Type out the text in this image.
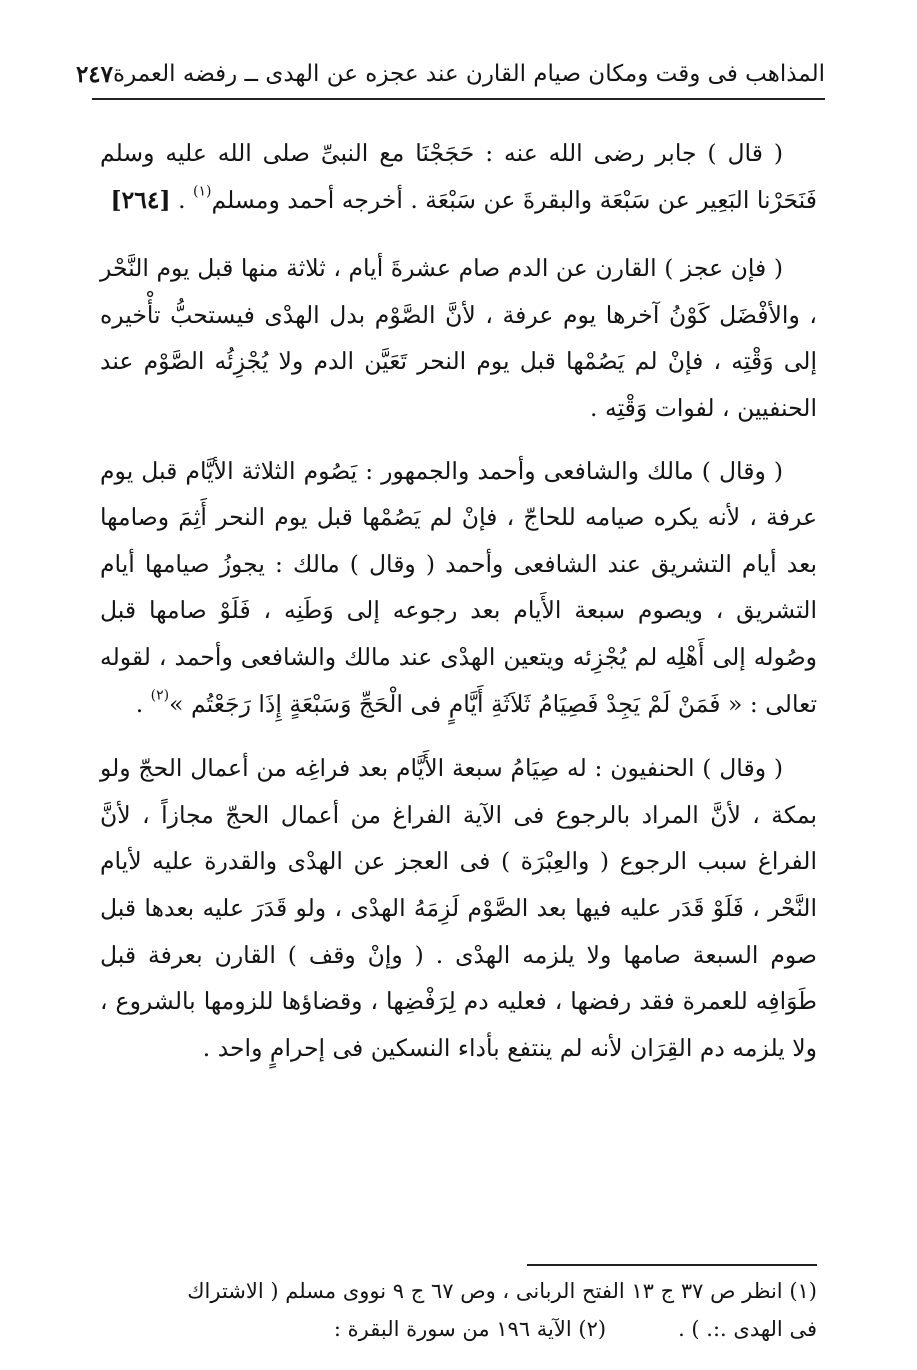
المذاهب فى وقت ومكان صيام القارن عند عجزه عن الهدى ــ رفضه العمرة
٢٤٧

( قال ) جابر رضى الله عنه : حَجَجْنَا مع النبىِّ صلى الله عليه وسلم فَنَحَرْنا البَعِير عن سَبْعَة والبقرةَ عن سَبْعَة . أخرجه أحمد ومسلم$^{(١)}$ . [٢٦٤]

( فإن عجز ) القارن عن الدم صام عشرةَ أيام ، ثلاثة منها قبل يوم النَّحْر ، والأفْضَل كَوْنُ آخرها يوم عرفة ، لأنَّ الصَّوْم بدل الهدْى فيستحبُّ تأْخيره إلى وَقْتِه ، فإنْ لم يَصُمْها قبل يوم النحر تَعَيَّن الدم ولا يُجْزِئُه الصَّوْم عند الحنفيين ، لفوات وَقْتِه .

( وقال ) مالك والشافعى وأحمد والجمهور : يَصُوم الثلاثة الأيَّام قبل يوم عرفة ، لأنه يكره صيامه للحاجّ ، فإنْ لم يَصُمْها قبل يوم النحر أَثِمَ وصامها بعد أيام التشريق عند الشافعى وأحمد ( وقال ) مالك : يجوزُ صيامها أيام التشريق ، ويصوم سبعة الأَيام بعد رجوعه إلى وَطَنِه ، فَلَوْ صامها قبل وصُوله إلى أَهْلِه لم يُجْزِئه ويتعين الهدْى عند مالك والشافعى وأحمد ، لقوله تعالى : « فَمَنْ لَمْ يَجِدْ فَصِيَامُ ثَلاَثَةِ أَيَّامٍ فى الْحَجِّ وَسَبْعَةٍ إِذَا رَجَعْتُم »$^{(٢)}$ .

( وقال ) الحنفيون : له صِيَامُ سبعة الأَيَّام بعد فراغِه من أعمال الحجّ ولو بمكة ، لأنَّ المراد بالرجوع فى الآية الفراغ من أعمال الحجّ مجازاً ، لأنَّ الفراغ سبب الرجوع ( والعِبْرَة ) فى العجز عن الهدْى والقدرة عليه لأيام النَّحْر ، فَلَوْ قَدَر عليه فيها بعد الصَّوْم لَزِمَهُ الهدْى ، ولو قَدَرَ عليه بعدها قبل صوم السبعة صامها ولا يلزمه الهدْى . ( وإنْ وقف ) القارن بعرفة قبل طَوَافِه للعمرة فقد رفضها ، فعليه دم لِرَفْضِها ، وقضاؤها للزومها بالشروع ، ولا يلزمه دم القِرَان لأنه لم ينتفع بأداء النسكين فى إحرامٍ واحد .

(١) انظر ص ٣٧ ج ١٣ الفتح الربانى ، وص ٦٧ ج ٩ نووى مسلم ( الاشتراك
فى الهدى .:. ) .
(٢) الآية ١٩٦ من سورة البقرة :
